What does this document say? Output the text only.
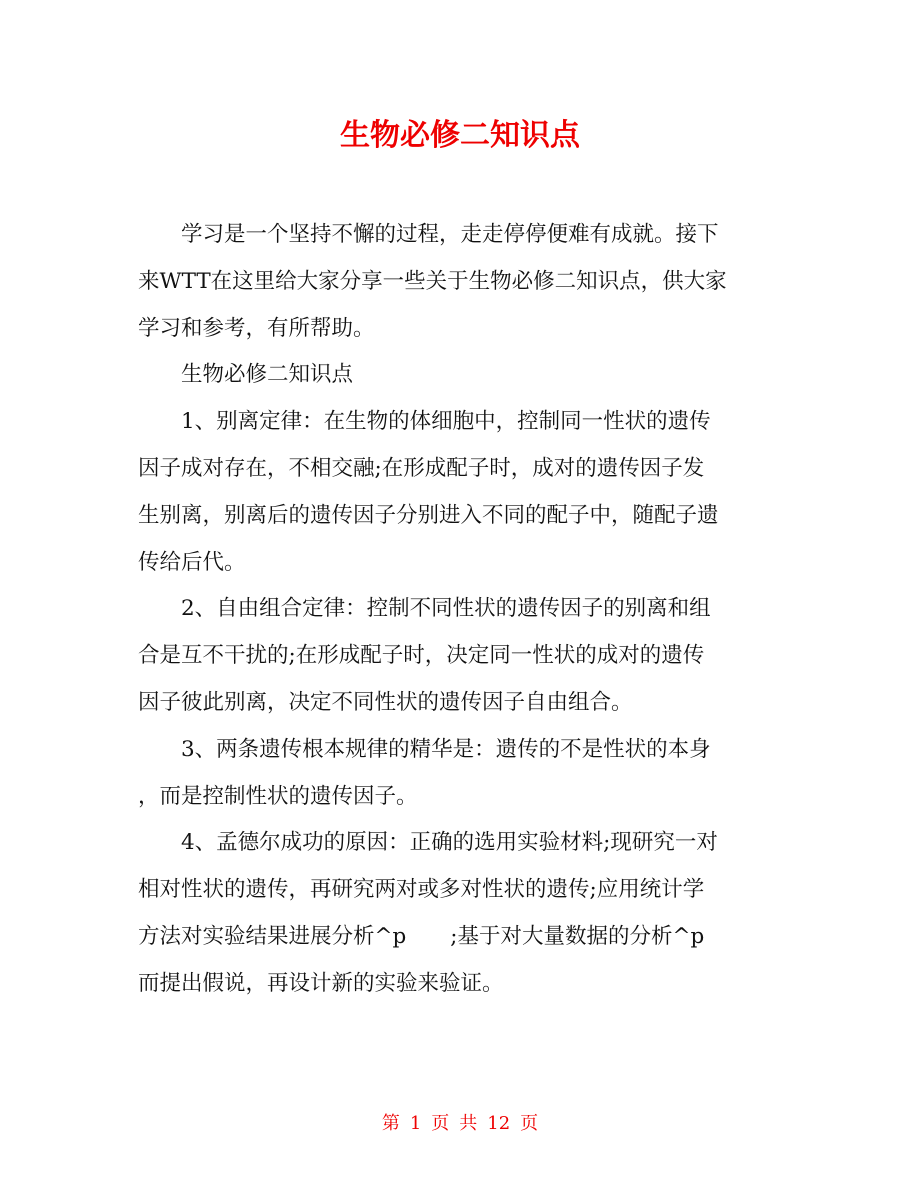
生物必修二知识点
学习是一个坚持不懈的过程，走走停停便难有成就。接下
来WTT在这里给大家分享一些关于生物必修二知识点，供大家
学习和参考，有所帮助。
生物必修二知识点
1、别离定律：在生物的体细胞中，控制同一性状的遗传
因子成对存在，不相交融;在形成配子时，成对的遗传因子发
生别离，别离后的遗传因子分别进入不同的配子中，随配子遗
传给后代。
2、自由组合定律：控制不同性状的遗传因子的别离和组
合是互不干扰的;在形成配子时，决定同一性状的成对的遗传
因子彼此别离，决定不同性状的遗传因子自由组合。
3、两条遗传根本规律的精华是：遗传的不是性状的本身
，而是控制性状的遗传因子。
4、孟德尔成功的原因：正确的选用实验材料;现研究一对
相对性状的遗传，再研究两对或多对性状的遗传;应用统计学
方法对实验结果进展分析^p ;基于对大量数据的分析^p
而提出假说，再设计新的实验来验证。
第 1 页 共 12 页
